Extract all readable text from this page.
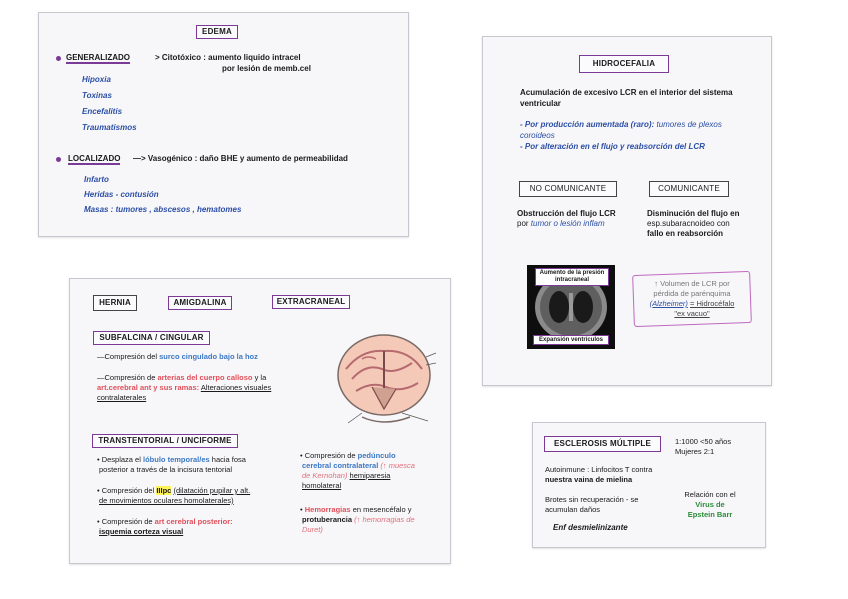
EDEMA
GENERALIZADO	> Citotóxico : aumento liquido intracel
por lesión de memb.cel
Hipoxia
Toxinas
Encefalitis
Traumatismos
LOCALIZADO —> Vasogénico : daño BHE y aumento de permeabilidad
Infarto
Heridas - contusión
Masas : tumores , abscesos , hematomes
HIDROCEFALIA
Acumulación de excesivo LCR en el interior del sistema ventricular
- Por producción aumentada (raro): tumores de plexos coroideos
- Por alteración en el flujo y reabsorción del LCR
NO COMUNICANTE	COMUNICANTE
Obstrucción del flujo LCR
por tumor o lesión inflam
Disminución del flujo en
esp.subaracnoideo con
fallo en reabsorción
Aumento de la presión intracraneal
Expansión ventrículos
↑ Volumen de LCR por
pérdida de parénquima
(Alzheimer) = Hidrocéfalo
"ex vacuo"
HERNIA	AMIGDALINA	EXTRACRANEAL
SUBFALCINA / CINGULAR
—Compresión del surco cingulado bajo la hoz
—Compresión de arterias del cuerpo calloso y la
art.cerebral ant y sus ramas: Alteraciones visuales
contralaterales
TRANSTENTORIAL / UNCIFORME
• Desplaza el lóbulo temporal/es hacia fosa
posterior a través de la incisura tentorial
• Compresión del IIIpc (dilatación pupilar y alt.
de movimientos oculares homolaterales)
• Compresión de art cerebral posterior:
isquemia corteza visual
• Compresión de pedúnculo
cerebral contralateral (↑ muesca
de Kernohan) hemiparesia
homolateral
• Hemorragias en mesencéfalo y
protuberancia (↑ hemorragias de
Duret)
ESCLEROSIS MÚLTIPLE	1:1000 <50 años
Mujeres 2:1
Autoinmune : Linfocitos T contra
nuestra vaina de mielina
Brotes sin recuperación - se
acumulan daños
Relación con el
Virus de
Epstein Barr
Enf desmielinizante
